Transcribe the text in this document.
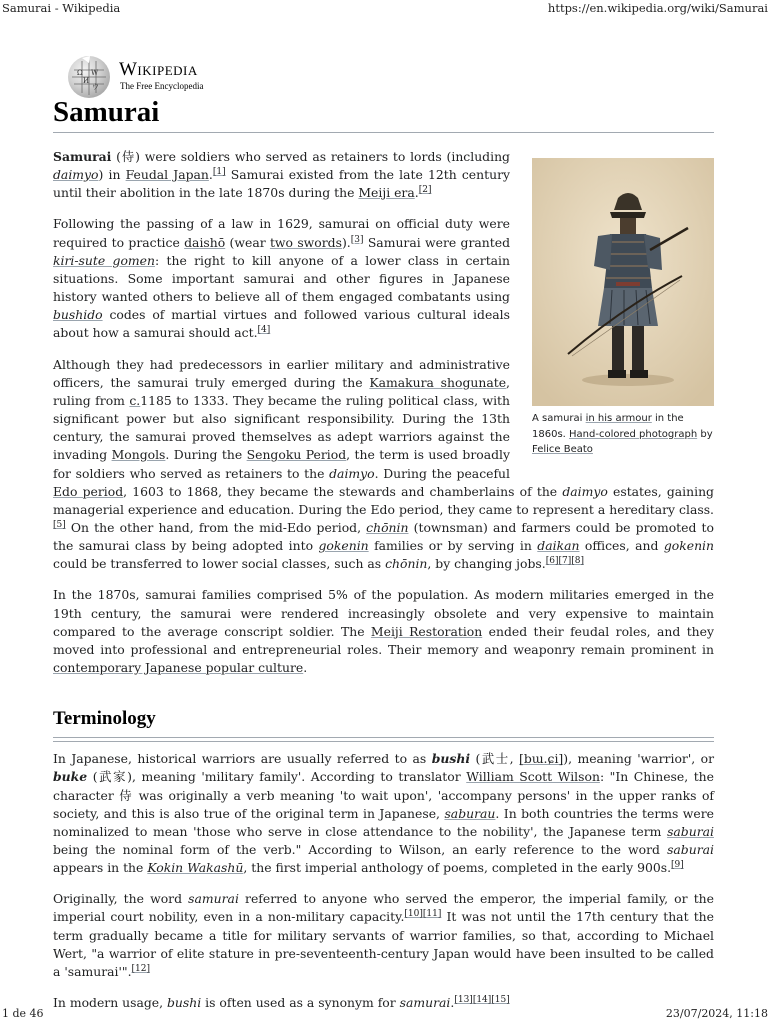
Samurai - Wikipedia	https://en.wikipedia.org/wiki/Samurai
Ω W
И
ウ
Wikipedia
The Free Encyclopedia
Samurai
A samurai in his armour in the 1860s. Hand-colored photograph by Felice Beato

Samurai (侍) were soldiers who served as retainers to lords (including daimyo) in Feudal Japan.[1] Samurai existed from the late 12th century until their abolition in the late 1870s during the Meiji era.[2]

Following the passing of a law in 1629, samurai on official duty were required to practice daishō (wear two swords).[3] Samurai were granted kiri-sute gomen: the right to kill anyone of a lower class in certain situations. Some important samurai and other figures in Japanese history wanted others to believe all of them engaged combatants using bushido codes of martial virtues and followed various cultural ideals about how a samurai should act.[4]

Although they had predecessors in earlier military and administrative officers, the samurai truly emerged during the Kamakura shogunate, ruling from c.1185 to 1333. They became the ruling political class, with significant power but also significant responsibility. During the 13th century, the samurai proved themselves as adept warriors against the invading Mongols. During the Sengoku Period, the term is used broadly for soldiers who served as retainers to the daimyo. During the peaceful Edo period, 1603 to 1868, they became the stewards and chamberlains of the daimyo estates, gaining managerial experience and education. During the Edo period, they came to represent a hereditary class.[5] On the other hand, from the mid-Edo period, chōnin (townsman) and farmers could be promoted to the samurai class by being adopted into gokenin families or by serving in daikan offices, and gokenin could be transferred to lower social classes, such as chōnin, by changing jobs.[6][7][8]

In the 1870s, samurai families comprised 5% of the population. As modern militaries emerged in the 19th century, the samurai were rendered increasingly obsolete and very expensive to maintain compared to the average conscript soldier. The Meiji Restoration ended their feudal roles, and they moved into professional and entrepreneurial roles. Their memory and weaponry remain prominent in contemporary Japanese popular culture.

Terminology

In Japanese, historical warriors are usually referred to as bushi (武士, [bɯ.ɕi]), meaning 'warrior', or buke (武家), meaning 'military family'. According to translator William Scott Wilson: "In Chinese, the character 侍 was originally a verb meaning 'to wait upon', 'accompany persons' in the upper ranks of society, and this is also true of the original term in Japanese, saburau. In both countries the terms were nominalized to mean 'those who serve in close attendance to the nobility', the Japanese term saburai being the nominal form of the verb." According to Wilson, an early reference to the word saburai appears in the Kokin Wakashū, the first imperial anthology of poems, completed in the early 900s.[9]

Originally, the word samurai referred to anyone who served the emperor, the imperial family, or the imperial court nobility, even in a non-military capacity.[10][11] It was not until the 17th century that the term gradually became a title for military servants of warrior families, so that, according to Michael Wert, "a warrior of elite stature in pre-seventeenth-century Japan would have been insulted to be called a 'samurai'".[12]

In modern usage, bushi is often used as a synonym for samurai.[13][14][15]

1 de 46	23/07/2024, 11:18
